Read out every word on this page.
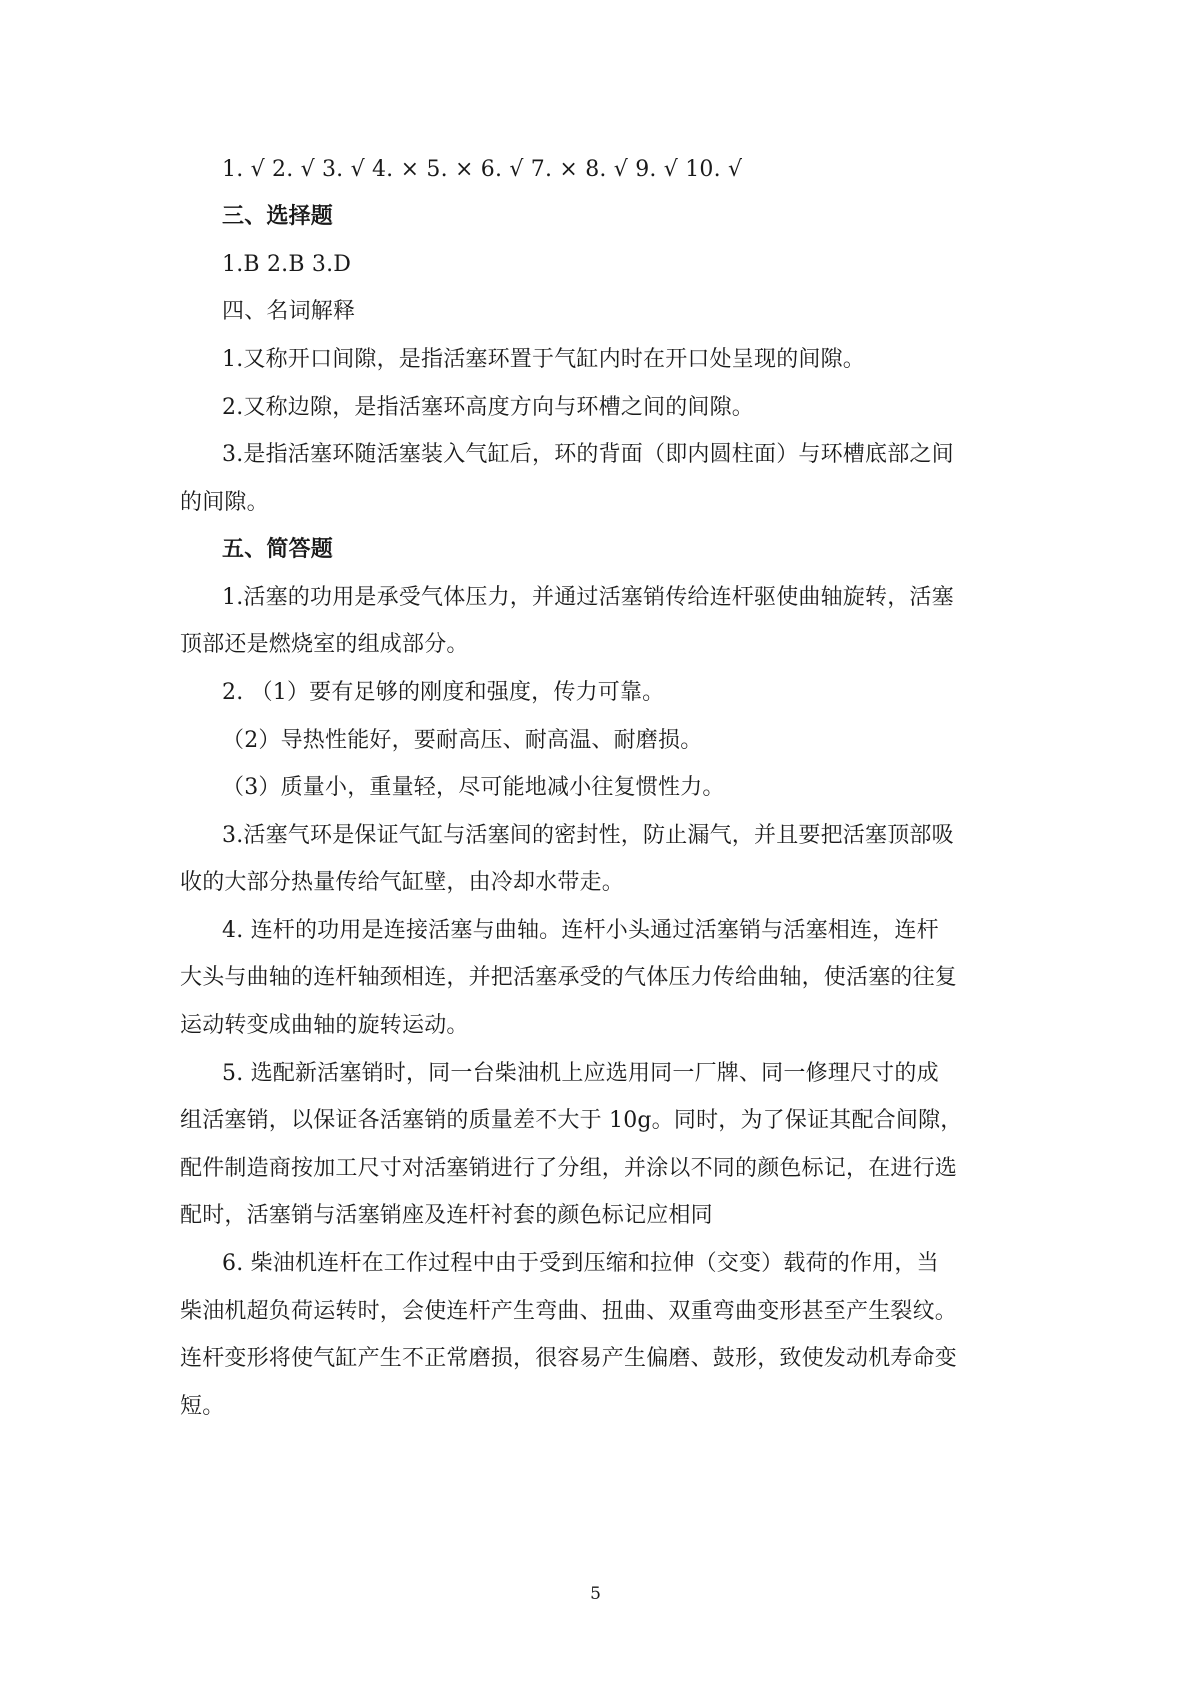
1. √ 2. √ 3. √ 4. × 5. × 6. √ 7. × 8. √ 9. √ 10. √
三、选择题
1.B 2.B 3.D
四、名词解释
1.又称开口间隙，是指活塞环置于气缸内时在开口处呈现的间隙。
2.又称边隙，是指活塞环高度方向与环槽之间的间隙。
3.是指活塞环随活塞装入气缸后，环的背面（即内圆柱面）与环槽底部之间
的间隙。
五、简答题
1.活塞的功用是承受气体压力，并通过活塞销传给连杆驱使曲轴旋转，活塞
顶部还是燃烧室的组成部分。
2. （1）要有足够的刚度和强度，传力可靠。
（2）导热性能好，要耐高压、耐高温、耐磨损。
（3）质量小，重量轻，尽可能地减小往复惯性力。
3.活塞气环是保证气缸与活塞间的密封性，防止漏气，并且要把活塞顶部吸
收的大部分热量传给气缸壁，由冷却水带走。
4. 连杆的功用是连接活塞与曲轴。连杆小头通过活塞销与活塞相连，连杆
大头与曲轴的连杆轴颈相连，并把活塞承受的气体压力传给曲轴，使活塞的往复
运动转变成曲轴的旋转运动。
5. 选配新活塞销时，同一台柴油机上应选用同一厂牌、同一修理尺寸的成
组活塞销，以保证各活塞销的质量差不大于 10g。同时，为了保证其配合间隙，
配件制造商按加工尺寸对活塞销进行了分组，并涂以不同的颜色标记，在进行选
配时，活塞销与活塞销座及连杆衬套的颜色标记应相同
6. 柴油机连杆在工作过程中由于受到压缩和拉伸（交变）载荷的作用，当
柴油机超负荷运转时，会使连杆产生弯曲、扭曲、双重弯曲变形甚至产生裂纹。
连杆变形将使气缸产生不正常磨损，很容易产生偏磨、鼓形，致使发动机寿命变
短。
5
